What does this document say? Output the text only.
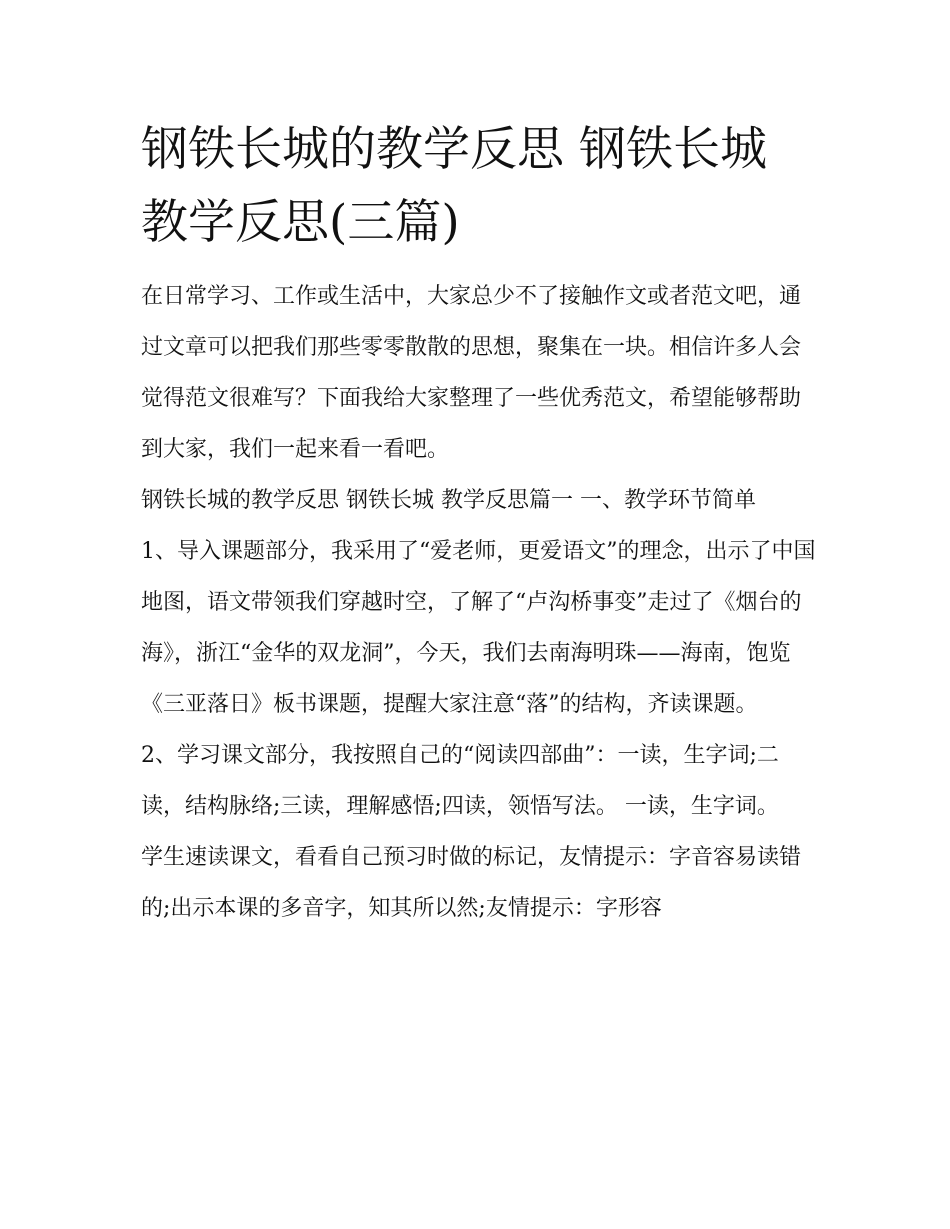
钢铁长城的教学反思 钢铁长城 教学反思(三篇)

在日常学习、工作或生活中，大家总少不了接触作文或者范文吧，通过文章可以把我们那些零零散散的思想，聚集在一块。相信许多人会觉得范文很难写？下面我给大家整理了一些优秀范文，希望能够帮助到大家，我们一起来看一看吧。

钢铁长城的教学反思 钢铁长城 教学反思篇一 一、教学环节简单

1、导入课题部分，我采用了“爱老师，更爱语文”的理念，出示了中国地图，语文带领我们穿越时空，了解了“卢沟桥事变”走过了《烟台的海》，浙江“金华的双龙洞”，今天，我们去南海明珠——海南，饱览《三亚落日》板书课题，提醒大家注意“落”的结构，齐读课题。

2、学习课文部分，我按照自己的“阅读四部曲”：一读，生字词;二读，结构脉络;三读，理解感悟;四读，领悟写法。 一读，生字词。

学生速读课文，看看自己预习时做的标记，友情提示：字音容易读错的;出示本课的多音字，知其所以然;友情提示：字形容
